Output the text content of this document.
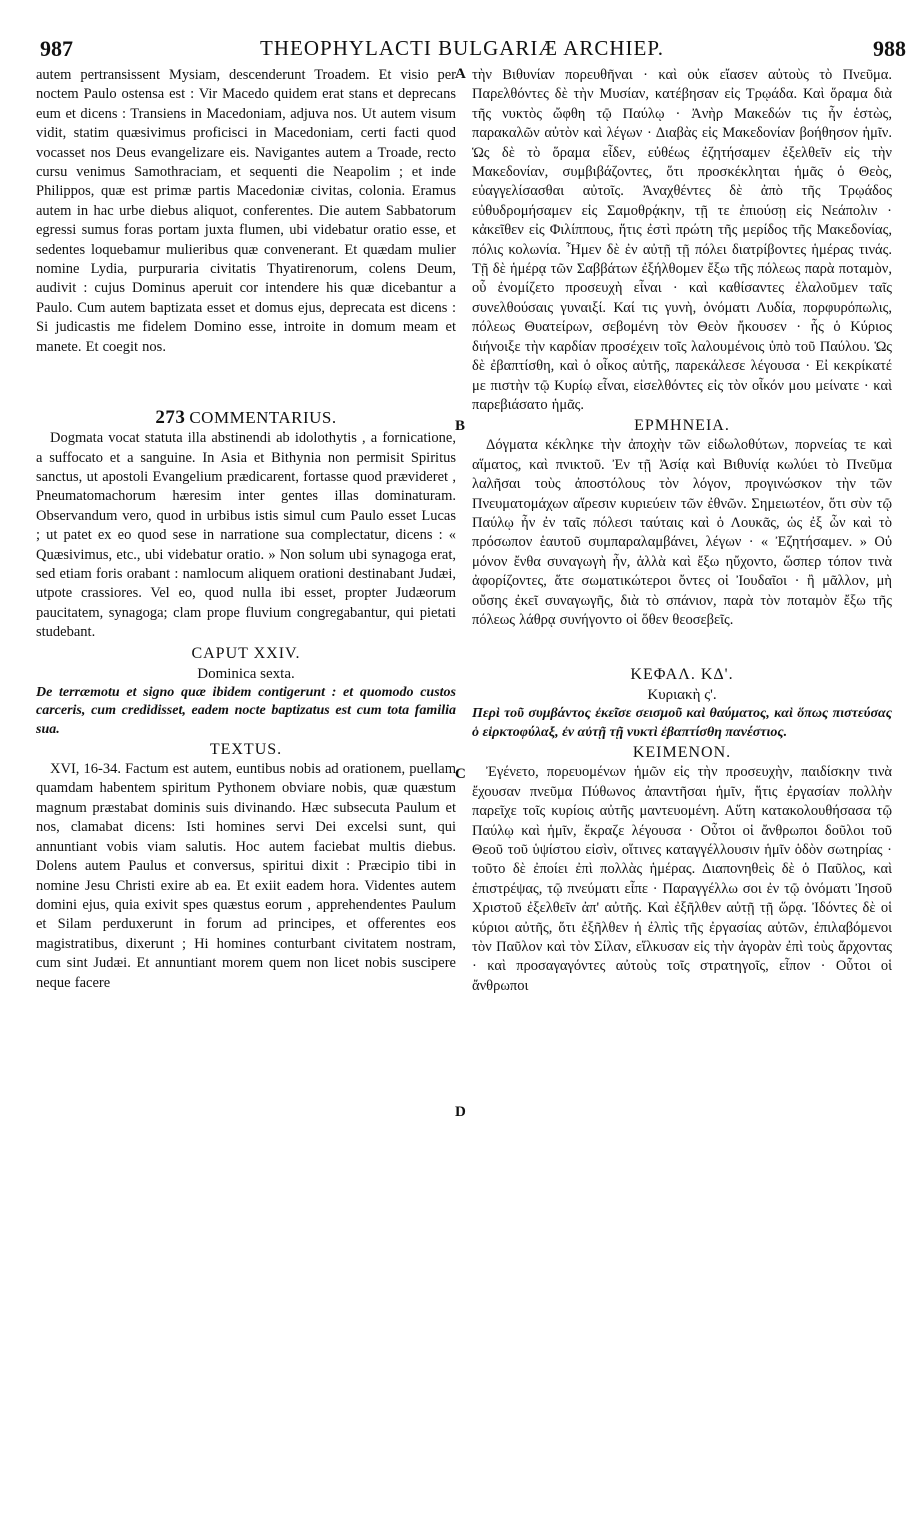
987	THEOPHYLACTI BULGARIÆ ARCHIEP.	988
A
B
C
D

autem pertransissent Mysiam, descenderunt Troadem. Et visio per noctem Paulo ostensa est : Vir Macedo quidem erat stans et deprecans eum et dicens : Transiens in Macedoniam, adjuva nos. Ut autem visum vidit, statim quæsivimus proficisci in Macedoniam, certi facti quod vocasset nos Deus evangelizare eis. Navigantes autem a Troade, recto cursu venimus Samothraciam, et sequenti die Neapolim ; et inde Philippos, quæ est primæ partis Macedoniæ civitas, colonia. Eramus autem in hac urbe diebus aliquot, conferentes. Die autem Sabbatorum egressi sumus foras portam juxta flumen, ubi videbatur oratio esse, et sedentes loquebamur mulieribus quæ convenerant. Et quædam mulier nomine Lydia, purpuraria civitatis Thyatirenorum, colens Deum, audivit : cujus Dominus aperuit cor intendere his quæ dicebantur a Paulo. Cum autem baptizata esset et domus ejus, deprecata est dicens : Si judicastis me fidelem Domino esse, introite in domum meam et manete. Et coegit nos.

273 COMMENTARIUS.

Dogmata vocat statuta illa abstinendi ab idolothytis , a fornicatione, a suffocato et a sanguine. In Asia et Bithynia non permisit Spiritus sanctus, ut apostoli Evangelium prædicarent, fortasse quod prævideret , Pneumatomachorum hæresim inter gentes illas dominaturam. Observandum vero, quod in urbibus istis simul cum Paulo esset Lucas ; ut patet ex eo quod sese in narratione sua complectatur, dicens : « Quæsivimus, etc., ubi videbatur oratio. » Non solum ubi synagoga erat, sed etiam foris orabant : namlocum aliquem orationi destinabant Judæi, utpote crassiores. Vel eo, quod nulla ibi esset, propter Judæorum paucitatem, synagoga; clam prope fluvium congregabantur, qui pietati studebant.

CAPUT XXIV.

Dominica sexta.

De terræmotu et signo quæ ibidem contigerunt : et quomodo custos carceris, cum credidisset, eadem nocte baptizatus est cum tota familia sua.

TEXTUS.

XVI, 16-34. Factum est autem, euntibus nobis ad orationem, puellam quamdam habentem spiritum Pythonem obviare nobis, quæ quæstum magnum præstabat dominis suis divinando. Hæc subsecuta Paulum et nos, clamabat dicens: Isti homines servi Dei excelsi sunt, qui annuntiant vobis viam salutis. Hoc autem faciebat multis diebus. Dolens autem Paulus et conversus, spiritui dixit : Præcipio tibi in nomine Jesu Christi exire ab ea. Et exiit eadem hora. Videntes autem domini ejus, quia exivit spes quæstus eorum , apprehendentes Paulum et Silam perduxerunt in forum ad principes, et offerentes eos magistratibus, dixerunt ; Hi homines conturbant civitatem nostram, cum sint Judæi. Et annuntiant morem quem non licet nobis suscipere neque facere

τὴν Βιθυνίαν πορευθῆναι · καὶ οὐκ εἴασεν αὐτοὺς τὸ Πνεῦμα. Παρελθόντες δὲ τὴν Μυσίαν, κατέβησαν εἰς Τρῳάδα. Καὶ ὅραμα διὰ τῆς νυκτὸς ὤφθη τῷ Παύλῳ · Ἀνὴρ Μακεδών τις ἦν ἑστὼς, παρακαλῶν αὐτὸν καὶ λέγων · Διαβὰς εἰς Μακεδονίαν βοήθησον ἡμῖν. Ὡς δὲ τὸ ὅραμα εἶδεν, εὐθέως ἐζητήσαμεν ἐξελθεῖν εἰς τὴν Μακεδονίαν, συμβιβάζοντες, ὅτι προσκέκληται ἡμᾶς ὁ Θεὸς, εὐαγγελίσασθαι αὐτοῖς. Ἀναχθέντες δὲ ἀπὸ τῆς Τρῳάδος εὐθυδρομήσαμεν εἰς Σαμοθρᾴκην, τῇ τε ἐπιούσῃ εἰς Νεάπολιν · κἀκεῖθεν εἰς Φιλίππους, ἥτις ἐστὶ πρώτη τῆς μερίδος τῆς Μακεδονίας, πόλις κολωνία. Ἦμεν δὲ ἐν αὐτῇ τῇ πόλει διατρίβοντες ἡμέρας τινάς. Τῇ δὲ ἡμέρᾳ τῶν Σαββάτων ἐξήλθομεν ἔξω τῆς πόλεως παρὰ ποταμὸν, οὗ ἐνομίζετο προσευχὴ εἶναι · καὶ καθίσαντες ἐλαλοῦμεν ταῖς συνελθούσαις γυναιξί. Καί τις γυνὴ, ὀνόματι Λυδία, πορφυρόπωλις, πόλεως Θυατείρων, σεβομένη τὸν Θεὸν ἤκουσεν · ἧς ὁ Κύριος διήνοιξε τὴν καρδίαν προσέχειν τοῖς λαλουμένοις ὑπὸ τοῦ Παύλου. Ὡς δὲ ἐβαπτίσθη, καὶ ὁ οἶκος αὐτῆς, παρεκάλεσε λέγουσα · Εἰ κεκρίκατέ με πιστὴν τῷ Κυρίῳ εἶναι, εἰσελθόντες εἰς τὸν οἶκόν μου μείνατε · καὶ παρεβιάσατο ἡμᾶς.

ΕΡΜΗΝΕΙΑ.

Δόγματα κέκληκε τὴν ἀποχὴν τῶν εἰδωλοθύτων, πορνείας τε καὶ αἵματος, καὶ πνικτοῦ. Ἐν τῇ Ἀσίᾳ καὶ Βιθυνίᾳ κωλύει τὸ Πνεῦμα λαλῆσαι τοὺς ἀποστόλους τὸν λόγον, προγινώσκον τὴν τῶν Πνευματομάχων αἵρεσιν κυριεύειν τῶν ἐθνῶν. Σημειωτέον, ὅτι σὺν τῷ Παύλῳ ἦν ἐν ταῖς πόλεσι ταύταις καὶ ὁ Λουκᾶς, ὡς ἐξ ὧν καὶ τὸ πρόσωπον ἑαυτοῦ συμπαραλαμβάνει, λέγων · « Ἐζητήσαμεν. » Οὐ μόνον ἔνθα συναγωγὴ ἦν, ἀλλὰ καὶ ἔξω ηὔχοντο, ὥσπερ τόπον τινὰ ἀφορίζοντες, ἅτε σωματικώτεροι ὄντες οἱ Ἰουδαῖοι · ἢ μᾶλλον, μὴ οὔσης ἐκεῖ συναγωγῆς, διὰ τὸ σπάνιον, παρὰ τὸν ποταμὸν ἔξω τῆς πόλεως λάθρᾳ συνήγοντο οἱ ὅθεν θεοσεβεῖς.

ΚΕΦΑΛ. ΚΔ'.

Κυριακὴ ς'.

Περὶ τοῦ συμβάντος ἐκεῖσε σεισμοῦ καὶ θαύματος, καὶ ὅπως πιστεύσας ὁ εἱρκτοφύλαξ, ἐν αὐτῇ τῇ νυκτὶ ἐβαπτίσθη πανέστιος.

ΚΕΙΜΕΝΟΝ.

Ἐγένετο, πορευομένων ἡμῶν εἰς τὴν προσευχὴν, παιδίσκην τινὰ ἔχουσαν πνεῦμα Πύθωνος ἀπαντῆσαι ἡμῖν, ἥτις ἐργασίαν πολλὴν παρεῖχε τοῖς κυρίοις αὐτῆς μαντευομένη. Αὕτη κατακολουθήσασα τῷ Παύλῳ καὶ ἡμῖν, ἔκραζε λέγουσα · Οὗτοι οἱ ἄνθρωποι δοῦλοι τοῦ Θεοῦ τοῦ ὑψίστου εἰσὶν, οἵτινες καταγγέλλουσιν ἡμῖν ὁδὸν σωτηρίας · τοῦτο δὲ ἐποίει ἐπὶ πολλὰς ἡμέρας. Διαπονηθεὶς δὲ ὁ Παῦλος, καὶ ἐπιστρέψας, τῷ πνεύματι εἶπε · Παραγγέλλω σοι ἐν τῷ ὀνόματι Ἰησοῦ Χριστοῦ ἐξελθεῖν ἀπ' αὐτῆς. Καὶ ἐξῆλθεν αὐτῇ τῇ ὥρᾳ. Ἰδόντες δὲ οἱ κύριοι αὐτῆς, ὅτι ἐξῆλθεν ἡ ἐλπὶς τῆς ἐργασίας αὐτῶν, ἐπιλαβόμενοι τὸν Παῦλον καὶ τὸν Σίλαν, εἵλκυσαν εἰς τὴν ἀγορὰν ἐπὶ τοὺς ἄρχοντας · καὶ προσαγαγόντες αὐτοὺς τοῖς στρατηγοῖς, εἶπον · Οὗτοι οἱ ἄνθρωποι
